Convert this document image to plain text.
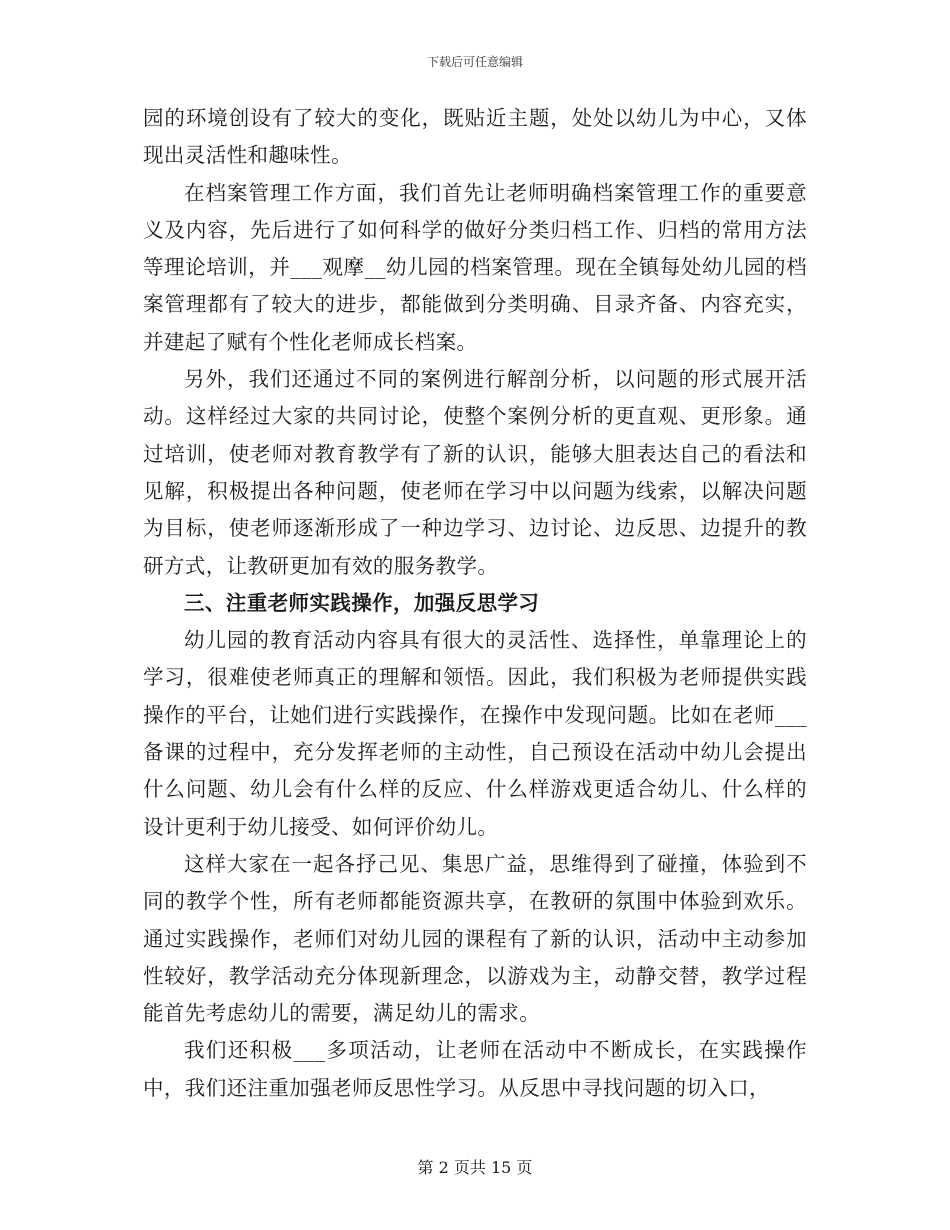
下载后可任意编辑

园的环境创设有了较大的变化，既贴近主题，处处以幼儿为中心，又体现出灵活性和趣味性。

在档案管理工作方面，我们首先让老师明确档案管理工作的重要意义及内容，先后进行了如何科学的做好分类归档工作、归档的常用方法等理论培训，并___观摩__幼儿园的档案管理。现在全镇每处幼儿园的档案管理都有了较大的进步，都能做到分类明确、目录齐备、内容充实，并建起了赋有个性化老师成长档案。

另外，我们还通过不同的案例进行解剖分析，以问题的形式展开活动。这样经过大家的共同讨论，使整个案例分析的更直观、更形象。通过培训，使老师对教育教学有了新的认识，能够大胆表达自己的看法和见解，积极提出各种问题，使老师在学习中以问题为线索，以解决问题为目标，使老师逐渐形成了一种边学习、边讨论、边反思、边提升的教研方式，让教研更加有效的服务教学。

三、注重老师实践操作，加强反思学习

幼儿园的教育活动内容具有很大的灵活性、选择性，单靠理论上的学习，很难使老师真正的理解和领悟。因此，我们积极为老师提供实践操作的平台，让她们进行实践操作，在操作中发现问题。比如在老师___备课的过程中，充分发挥老师的主动性，自己预设在活动中幼儿会提出什么问题、幼儿会有什么样的反应、什么样游戏更适合幼儿、什么样的设计更利于幼儿接受、如何评价幼儿。

这样大家在一起各抒己见、集思广益，思维得到了碰撞，体验到不同的教学个性，所有老师都能资源共享，在教研的氛围中体验到欢乐。通过实践操作，老师们对幼儿园的课程有了新的认识，活动中主动参加性较好，教学活动充分体现新理念，以游戏为主，动静交替，教学过程能首先考虑幼儿的需要，满足幼儿的需求。

我们还积极___多项活动，让老师在活动中不断成长，在实践操作中，我们还注重加强老师反思性学习。从反思中寻找问题的切入口，

第 2 页共 15 页
